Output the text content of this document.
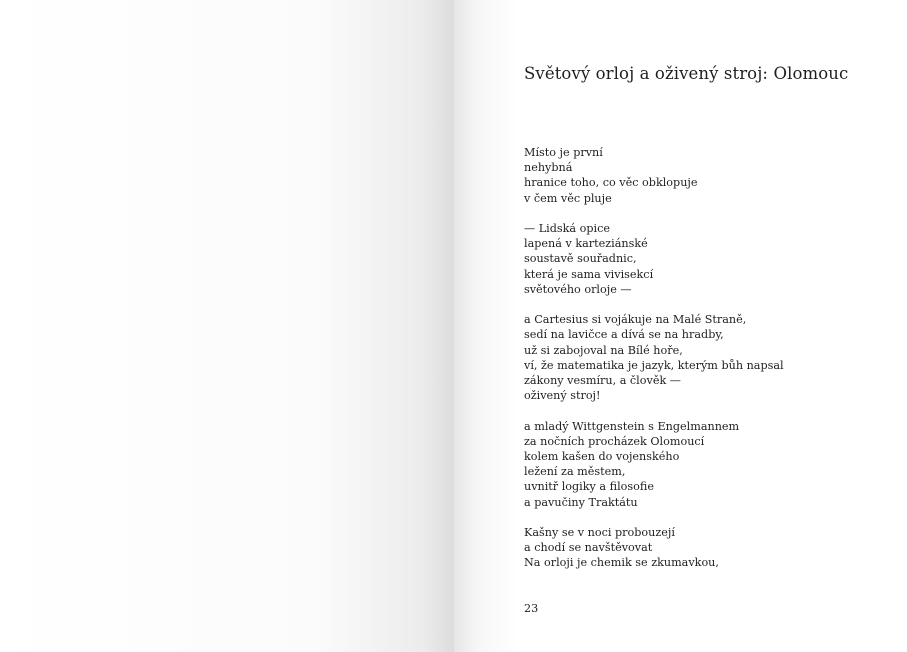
Světový orloj a oživený stroj: Olomouc
Místo je první
nehybná
hranice toho, co věc obklopuje
v čem věc pluje
— Lidská opice
lapená v karteziánské
soustavě souřadnic,
která je sama vivisekcí
světového orloje —
a Cartesius si vojákuje na Malé Straně,
sedí na lavičce a dívá se na hradby,
už si zabojoval na Bílé hoře,
ví, že matematika je jazyk, kterým bůh napsal
zákony vesmíru, a člověk —
oživený stroj!
a mladý Wittgenstein s Engelmannem
za nočních procházek Olomoucí
kolem kašen do vojenského
ležení za městem,
uvnitř logiky a filosofie
a pavučiny Traktátu
Kašny se v noci probouzejí
a chodí se navštěvovat
Na orloji je chemik se zkumavkou,
23
